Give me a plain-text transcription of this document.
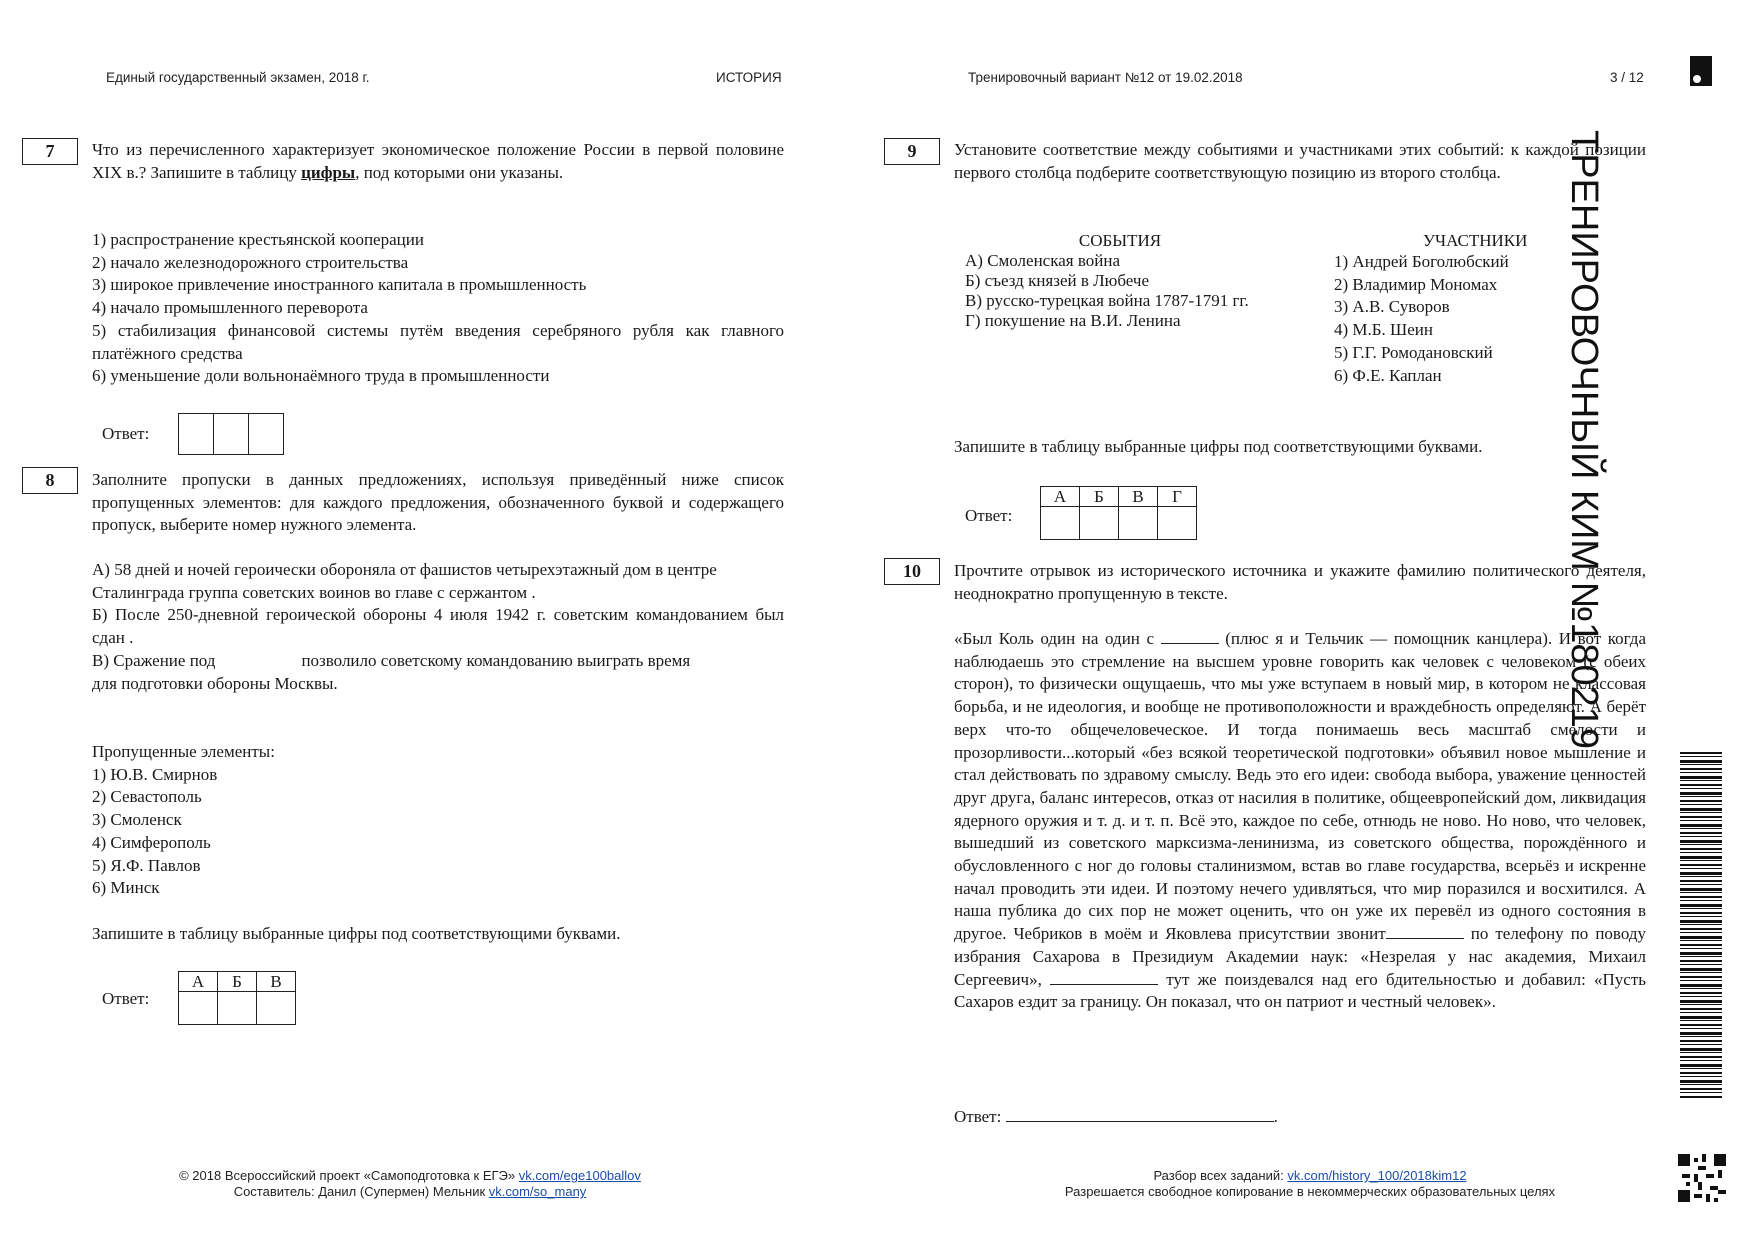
Единый государственный экзамен, 2018 г.	ИСТОРИЯ	Тренировочный вариант №12 от 19.02.2018	3 / 12
ТРЕНИРОВОЧНЫЙ КИМ №180219
7	Что из перечисленного характеризует экономическое положение России в первой половине XIX в.? Запишите в таблицу цифры, под которыми они указаны.
1) распространение крестьянской кооперации
2) начало железнодорожного строительства
3) широкое привлечение иностранного капитала в промышленность
4) начало промышленного переворота
5) стабилизация финансовой системы путём введения серебряного рубля как главного платёжного средства
6) уменьшение доли вольнонаёмного труда в промышленности
Ответ:

8	Заполните пропуски в данных предложениях, используя приведённый ниже список пропущенных элементов: для каждого предложения, обозначенного буквой и содержащего пропуск, выберите номер нужного элемента.
А) 58 дней и ночей героически обороняла от фашистов четырехэтажный дом в центре
Сталинграда группа советских воинов во главе с сержантом .
Б) После 250-дневной героической обороны 4 июля 1942 г. советским командованием был сдан .
В) Сражение под	позволило советскому командованию выиграть время
для подготовки обороны Москвы.
Пропущенные элементы:
1) Ю.В. Смирнов
2) Севастополь
3) Смоленск
4) Симферополь
5) Я.Ф. Павлов
6) Минск
Запишите в таблицу выбранные цифры под соответствующими буквами.
Ответ:
А	Б	В

9	Установите соответствие между событиями и участниками этих событий: к каждой позиции первого столбца подберите соответствующую позицию из второго столбца.
СОБЫТИЯ
А) Смоленская война
Б) съезд князей в Любече
В) русско-турецкая война 1787-1791 гг.
Г) покушение на В.И. Ленина
УЧАСТНИКИ
1) Андрей Боголюбский
2) Владимир Мономах
3) А.В. Суворов
4) М.Б. Шеин
5) Г.Г. Ромодановский
6) Ф.Е. Каплан
Запишите в таблицу выбранные цифры под соответствующими буквами.
Ответ:
А	Б	В	Г

10	Прочтите отрывок из исторического источника и укажите фамилию политического деятеля, неоднократно пропущенную в тексте.
«Был Коль один на один с	(плюс я и Тельчик — помощник канцлера). И вот когда наблюдаешь это стремление на высшем уровне говорить как человек с человеком (с обеих сторон), то физически ощущаешь, что мы уже вступаем в новый мир, в котором не классовая борьба, и не идеология, и вообще не противоположности и враждебность определяют. А берёт верх что-то общечеловеческое. И тогда понимаешь весь масштаб смелости и прозорливости...который «без всякой теоретической подготовки» объявил новое мышление и стал действовать по здравому смыслу. Ведь это его идеи: свобода выбора, уважение ценностей друг друга, баланс интересов, отказ от насилия в политике, общеевропейский дом, ликвидация ядерного оружия и т. д. и т. п. Всё это, каждое по себе, отнюдь не ново. Но ново, что человек, вышедший из советского марксизма-ленинизма, из советского общества, порождённого и обусловленного с ног до головы сталинизмом, встав во главе государства, всерьёз и искренне начал проводить эти идеи. И поэтому нечего удивляться, что мир поразился и восхитился. А наша публика до сих пор не может оценить, что он уже их перевёл из одного состояния в другое. Чебриков в моём и Яковлева присутствии звонит	по телефону по поводу избрания Сахарова в Президиум Академии наук: «Незрелая у нас академия, Михаил Сергеевич»,	тут же поиздевался над его бдительностью и добавил: «Пусть Сахаров ездит за границу. Он показал, что он патриот и честный человек».
Ответ:	.
© 2018 Всероссийский проект «Самоподготовка к ЕГЭ» vk.com/ege100ballov
Составитель: Данил (Супермен) Мельник vk.com/so_many
Разбор всех заданий: vk.com/history_100/2018kim12
Разрешается свободное копирование в некоммерческих образовательных целях
